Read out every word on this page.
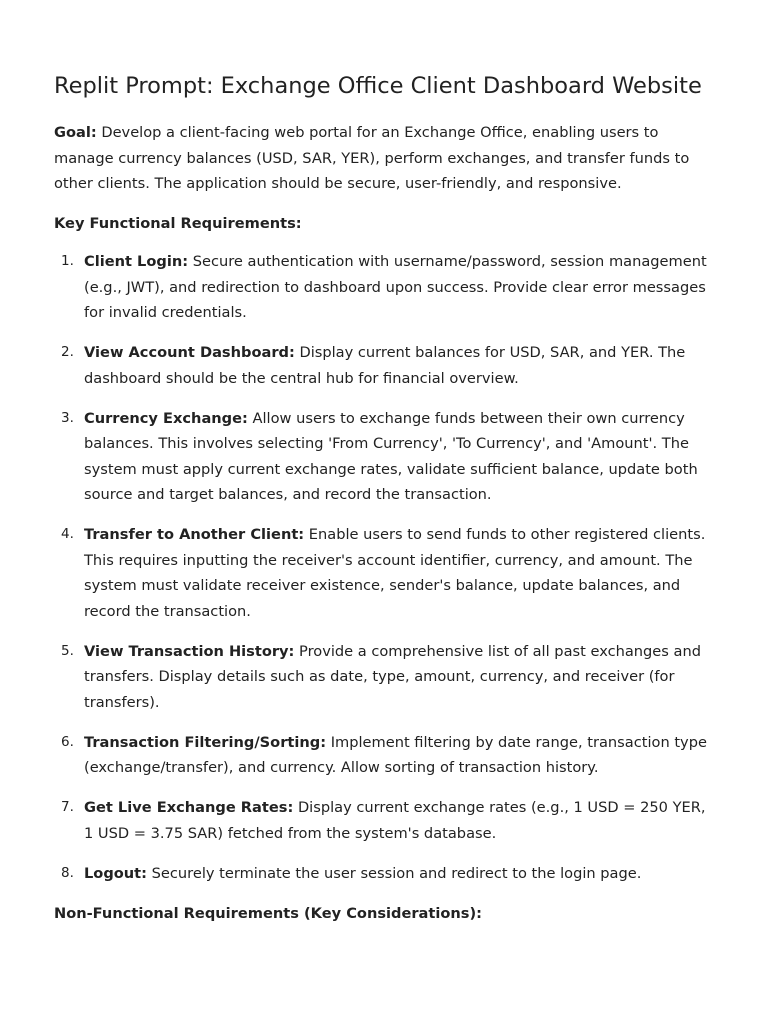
Replit Prompt: Exchange Office Client Dashboard Website

Goal: Develop a client-facing web portal for an Exchange Office, enabling users to manage currency balances (USD, SAR, YER), perform exchanges, and transfer funds to other clients. The application should be secure, user-friendly, and responsive.

Key Functional Requirements:
1. Client Login: Secure authentication with username/password, session management (e.g., JWT), and redirection to dashboard upon success. Provide clear error messages for invalid credentials.
2. View Account Dashboard: Display current balances for USD, SAR, and YER. The dashboard should be the central hub for financial overview.
3. Currency Exchange: Allow users to exchange funds between their own currency balances. This involves selecting 'From Currency', 'To Currency', and 'Amount'. The system must apply current exchange rates, validate sufficient balance, update both source and target balances, and record the transaction.
4. Transfer to Another Client: Enable users to send funds to other registered clients. This requires inputting the receiver's account identifier, currency, and amount. The system must validate receiver existence, sender's balance, update balances, and record the transaction.
5. View Transaction History: Provide a comprehensive list of all past exchanges and transfers. Display details such as date, type, amount, currency, and receiver (for transfers).
6. Transaction Filtering/Sorting: Implement filtering by date range, transaction type (exchange/transfer), and currency. Allow sorting of transaction history.
7. Get Live Exchange Rates: Display current exchange rates (e.g., 1 USD = 250 YER, 1 USD = 3.75 SAR) fetched from the system's database.
8. Logout: Securely terminate the user session and redirect to the login page.
Non-Functional Requirements (Key Considerations):
